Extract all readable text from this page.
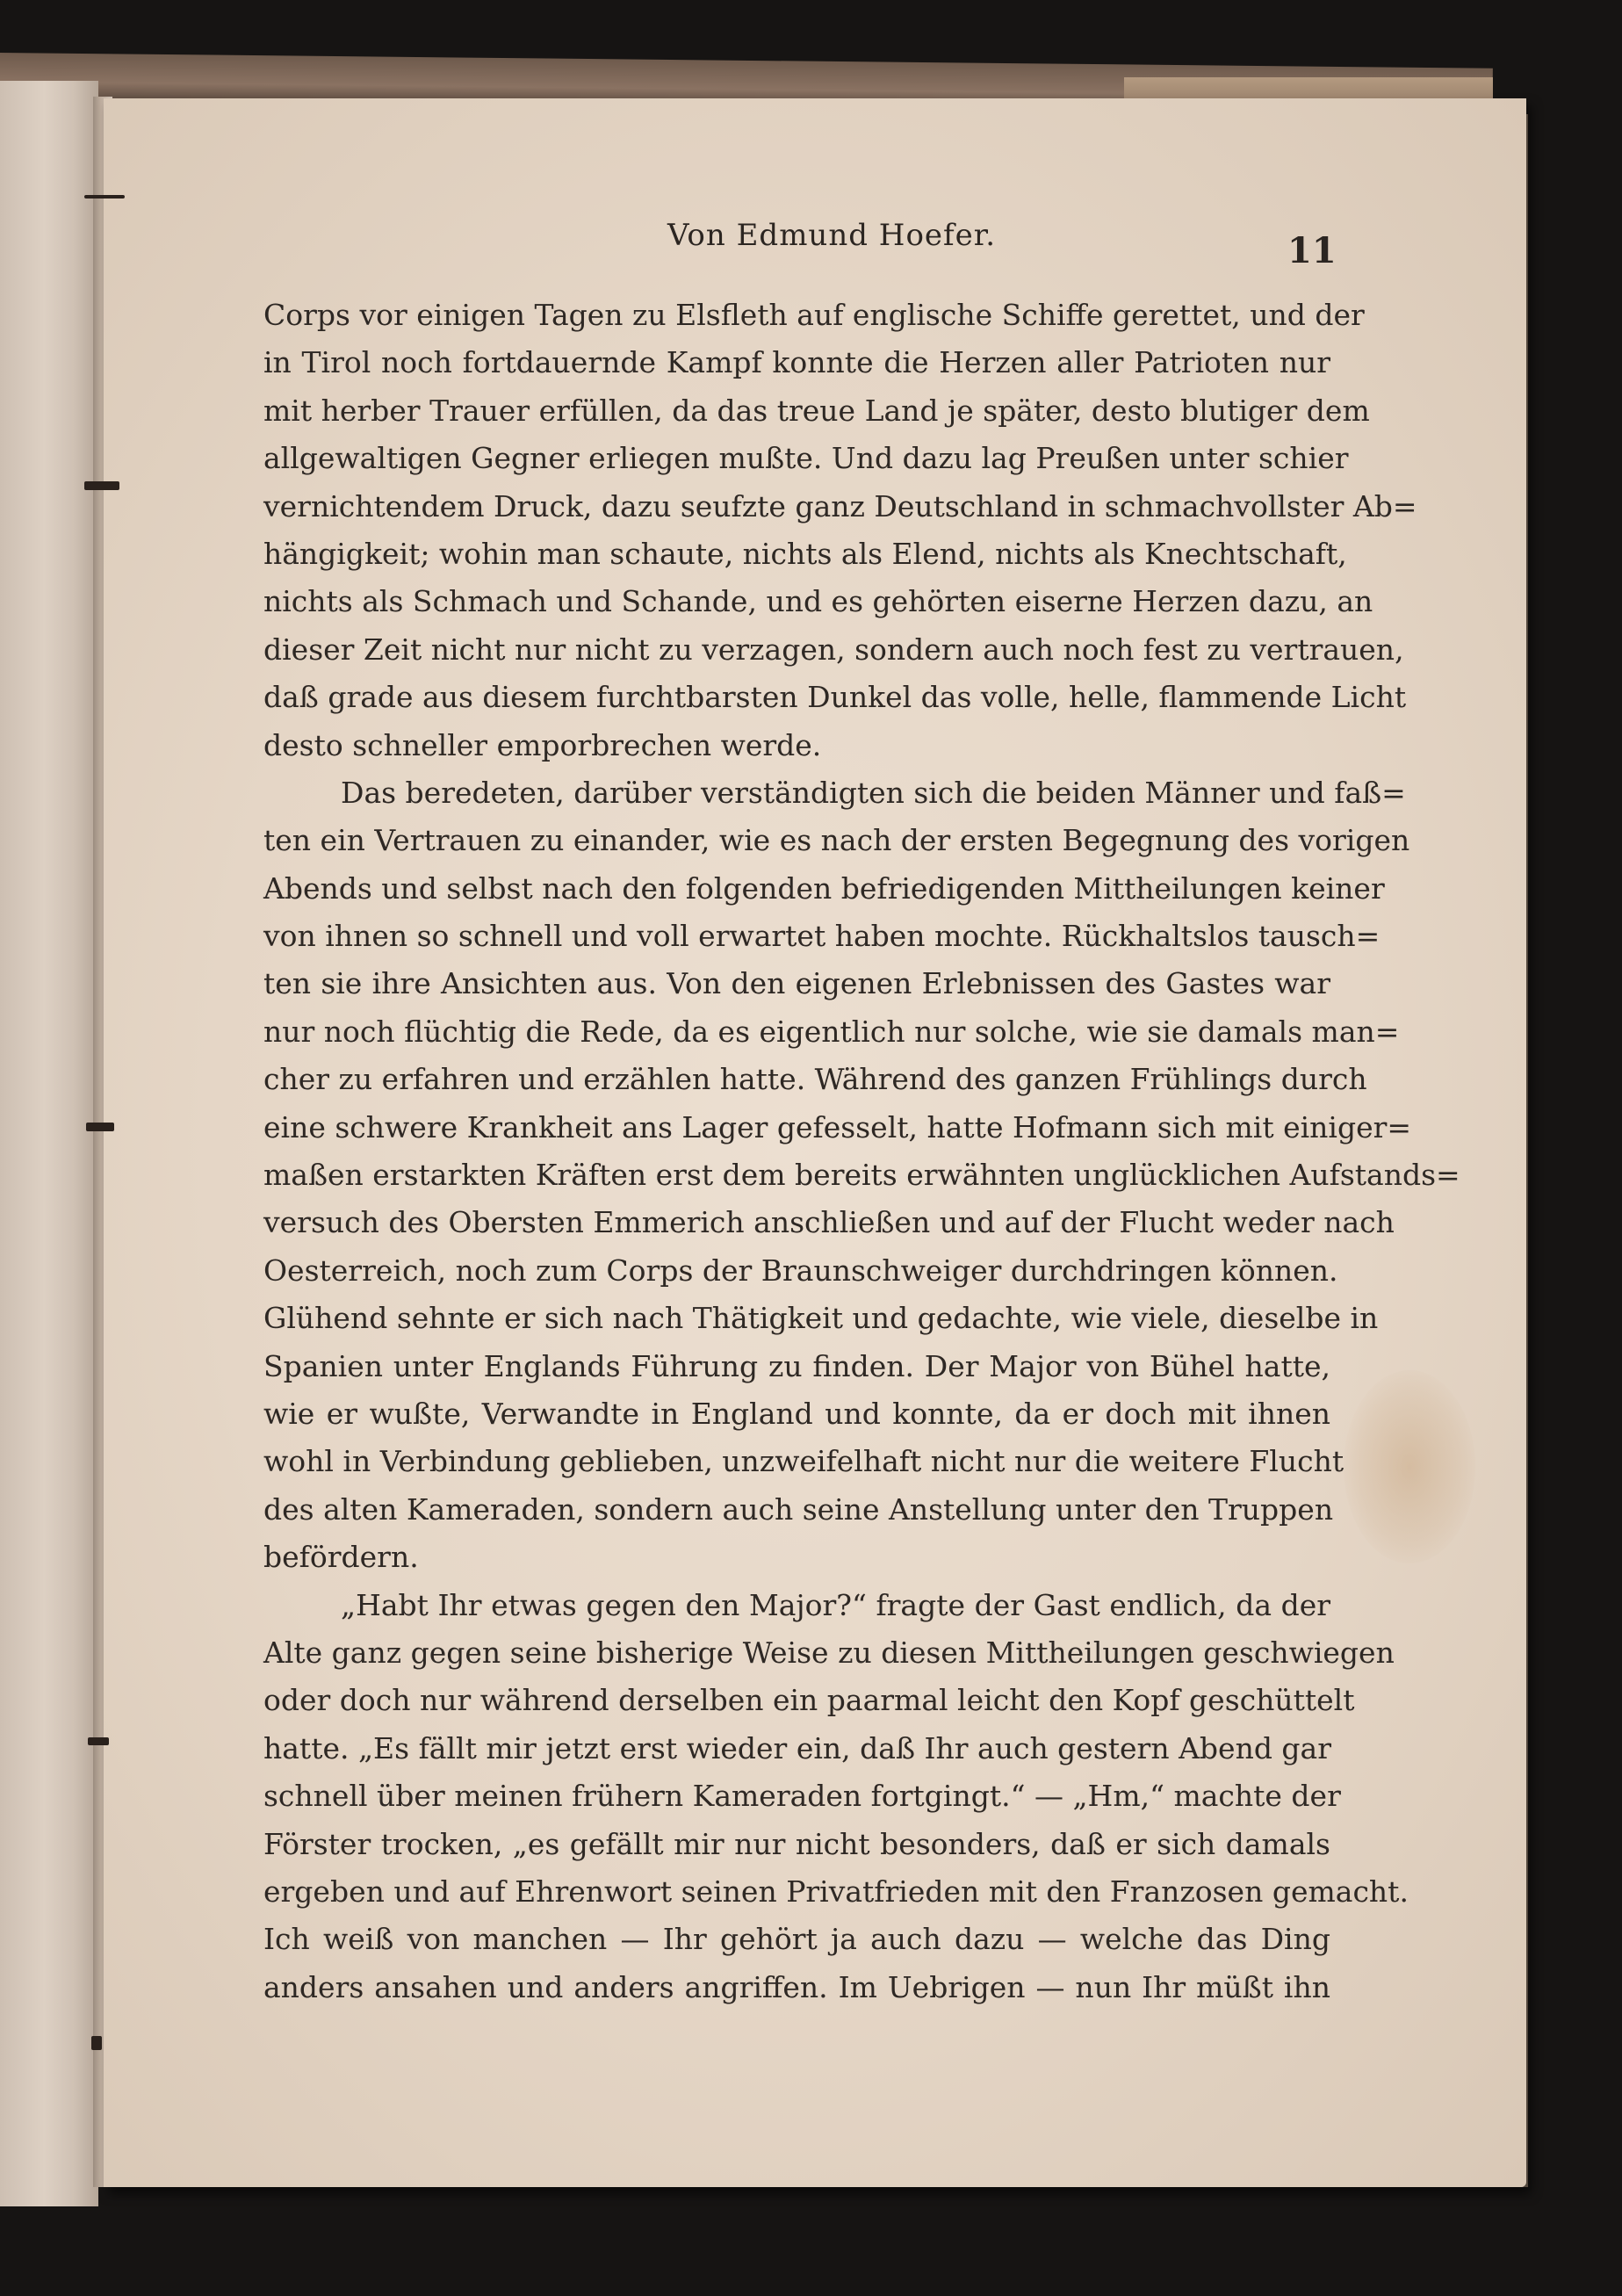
Von Edmund Hoefer.	11
Corps vor einigen Tagen zu Elsfleth auf englische Schiffe gerettet, und der
in Tirol noch fortdauernde Kampf konnte die Herzen aller Patrioten nur
mit herber Trauer erfüllen, da das treue Land je später, desto blutiger dem
allgewaltigen Gegner erliegen mußte. Und dazu lag Preußen unter schier
vernichtendem Druck, dazu seufzte ganz Deutschland in schmachvollster Ab=
hängigkeit; wohin man schaute, nichts als Elend, nichts als Knechtschaft,
nichts als Schmach und Schande, und es gehörten eiserne Herzen dazu, an
dieser Zeit nicht nur nicht zu verzagen, sondern auch noch fest zu vertrauen,
daß grade aus diesem furchtbarsten Dunkel das volle, helle, flammende Licht
desto schneller emporbrechen werde.
Das beredeten, darüber verständigten sich die beiden Männer und faß=
ten ein Vertrauen zu einander, wie es nach der ersten Begegnung des vorigen
Abends und selbst nach den folgenden befriedigenden Mittheilungen keiner
von ihnen so schnell und voll erwartet haben mochte. Rückhaltslos tausch=
ten sie ihre Ansichten aus. Von den eigenen Erlebnissen des Gastes war
nur noch flüchtig die Rede, da es eigentlich nur solche, wie sie damals man=
cher zu erfahren und erzählen hatte. Während des ganzen Frühlings durch
eine schwere Krankheit ans Lager gefesselt, hatte Hofmann sich mit einiger=
maßen erstarkten Kräften erst dem bereits erwähnten unglücklichen Aufstands=
versuch des Obersten Emmerich anschließen und auf der Flucht weder nach
Oesterreich, noch zum Corps der Braunschweiger durchdringen können.
Glühend sehnte er sich nach Thätigkeit und gedachte, wie viele, dieselbe in
Spanien unter Englands Führung zu finden. Der Major von Bühel hatte,
wie er wußte, Verwandte in England und konnte, da er doch mit ihnen
wohl in Verbindung geblieben, unzweifelhaft nicht nur die weitere Flucht
des alten Kameraden, sondern auch seine Anstellung unter den Truppen
befördern.
„Habt Ihr etwas gegen den Major?“ fragte der Gast endlich, da der
Alte ganz gegen seine bisherige Weise zu diesen Mittheilungen geschwiegen
oder doch nur während derselben ein paarmal leicht den Kopf geschüttelt
hatte. „Es fällt mir jetzt erst wieder ein, daß Ihr auch gestern Abend gar
schnell über meinen frühern Kameraden fortgingt.“ — „Hm,“ machte der
Förster trocken, „es gefällt mir nur nicht besonders, daß er sich damals
ergeben und auf Ehrenwort seinen Privatfrieden mit den Franzosen gemacht.
Ich weiß von manchen — Ihr gehört ja auch dazu — welche das Ding
anders ansahen und anders angriffen. Im Uebrigen — nun Ihr müßt ihn
